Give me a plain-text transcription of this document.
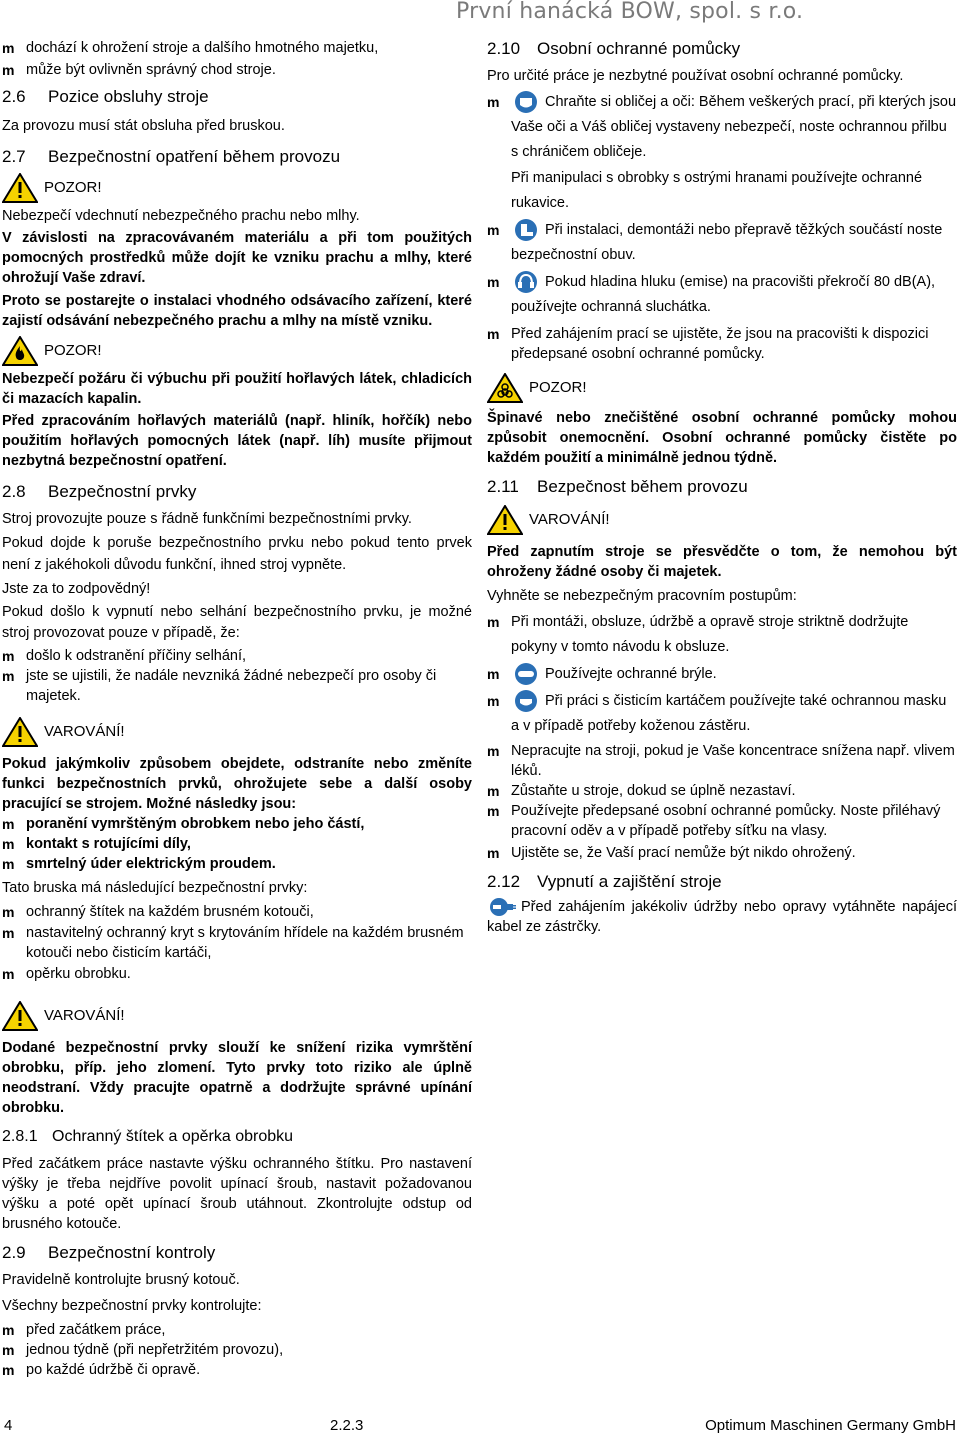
První hanácká BOW, spol. s r.o.

m dochází k ohrožení stroje a dalšího hmotného majetku,

m může být ovlivněn správný chod stroje.

2.6 Pozice obsluhy stroje

Za provozu musí stát obsluha před bruskou.

2.7 Bezpečnostní opatření během provozu
POZOR!

Nebezpečí vdechnutí nebezpečného prachu nebo mlhy.

V závislosti na zpracovávaném materiálu a při tom použitých pomocných prostředků může dojít ke vzniku prachu a mlhy, které ohrožují Vaše zdraví.

Proto se postarejte o instalaci vhodného odsávacího zařízení, které zajistí odsávání nebezpečného prachu a mlhy na místě vzniku.

POZOR!

Nebezpečí požáru či výbuchu při použití hořlavých látek, chladicích či mazacích kapalin.

Před zpracováním hořlavých materiálů (např. hliník, hořčík) nebo použitím hořlavých pomocných látek (např. líh) musíte přijmout nezbytná bezpečnostní opatření.

2.8 Bezpečnostní prvky

Stroj provozujte pouze s řádně funkčními bezpečnostními prvky.

Pokud dojde k poruše bezpečnostního prvku nebo pokud tento prvek není z jakéhokoli důvodu funkční, ihned stroj vypněte.

Jste za to zodpovědný!

Pokud došlo k vypnutí nebo selhání bezpečnostního prvku, je možné stroj provozovat pouze v případě, že:

m došlo k odstranění příčiny selhání,

m jste se ujistili, že nadále nevzniká žádné nebezpečí pro osoby či majetek.

VAROVÁNÍ!

Pokud jakýmkoliv způsobem obejdete, odstraníte nebo změníte funkci bezpečnostních prvků, ohrožujete sebe a další osoby pracující se strojem. Možné následky jsou:

m poranění vymrštěným obrobkem nebo jeho částí,

m kontakt s rotujícími díly,

m smrtelný úder elektrickým proudem.

Tato bruska má následující bezpečnostní prvky:

m ochranný štítek na každém brusném kotouči,

m nastavitelný ochranný kryt s krytováním hřídele na každém brusném kotouči nebo čisticím kartáči,

m opěrku obrobku.

VAROVÁNÍ!

Dodané bezpečnostní prvky slouží ke snížení rizika vymrštění obrobku, příp. jeho zlomení. Tyto prvky toto riziko ale úplně neodstraní. Vždy pracujte opatrně a dodržujte správné upínání obrobku.

2.8.1 Ochranný štítek a opěrka obrobku

Před začátkem práce nastavte výšku ochranného štítku. Pro nastavení výšky je třeba nejdříve povolit upínací šroub, nastavit požadovanou výšku a poté opět upínací šroub utáhnout. Zkontrolujte odstup od brusného kotouče.

2.9 Bezpečnostní kontroly

Pravidelně kontrolujte brusný kotouč.

Všechny bezpečnostní prvky kontrolujte:

m před začátkem práce,

m jednou týdně (při nepřetržitém provozu),

m po každé údržbě či opravě.

2.10 Osobní ochranné pomůcky

Pro určité práce je nezbytné používat osobní ochranné pomůcky.

m Chraňte si obličej a oči: Během veškerých prací, při kterých jsou Vaše oči a Váš obličej vystaveny nebezpečí, noste ochrannou přilbu s chráničem obličeje.

Při manipulaci s obrobky s ostrými hranami používejte ochranné rukavice.

m Při instalaci, demontáži nebo přepravě těžkých součástí noste bezpečnostní obuv.
m Pokud hladina hluku (emise) na pracovišti překročí 80 dB(A), používejte ochranná sluchátka.

m Před zahájením prací se ujistěte, že jsou na pracovišti k dispozici předepsané osobní ochranné pomůcky.

POZOR!

Špinavé nebo znečištěné osobní ochranné pomůcky mohou způsobit onemocnění. Osobní ochranné pomůcky čistěte po každém použití a minimálně jednou týdně.

2.11 Bezpečnost během provozu
VAROVÁNÍ!

Před zapnutím stroje se přesvědčte o tom, že nemohou být ohroženy žádné osoby či majetek.

Vyhněte se nebezpečným pracovním postupům:

m Při montáži, obsluze, údržbě a opravě stroje striktně dodržujte pokyny v tomto návodu k obsluze.

m Používejte ochranné brýle.
m Při práci s čisticím kartáčem používejte také ochrannou masku a v případě potřeby koženou zástěru.

m Nepracujte na stroji, pokud je Vaše koncentrace snížena např. vlivem léků.

m Zůstaňte u stroje, dokud se úplně nezastaví.

m Používejte předepsané osobní ochranné pomůcky. Noste přiléhavý pracovní oděv a v případě potřeby síťku na vlasy.

m Ujistěte se, že Vaší prací nemůže být nikdo ohrožený.

2.12 Vypnutí a zajištění stroje

Před zahájením jakékoliv údržby nebo opravy vytáhněte napájecí kabel ze zástrčky.

4	2.2.3	Optimum Maschinen Germany GmbH
